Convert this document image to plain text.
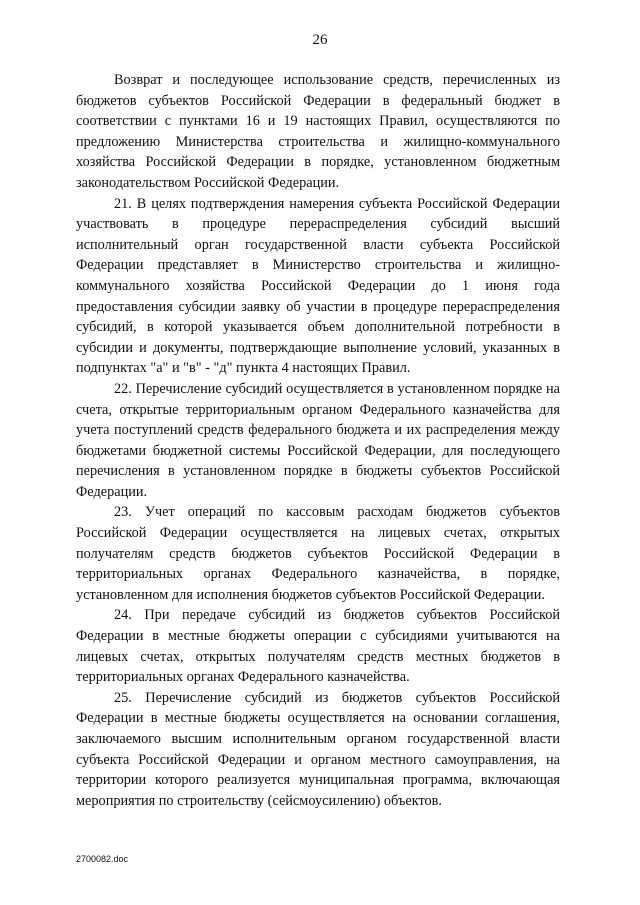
26

Возврат и последующее использование средств, перечисленных из бюджетов субъектов Российской Федерации в федеральный бюджет в соответствии с пунктами 16 и 19 настоящих Правил, осуществляются по предложению Министерства строительства и жилищно-коммунального хозяйства Российской Федерации в порядке, установленном бюджетным законодательством Российской Федерации.

21. В целях подтверждения намерения субъекта Российской Федерации участвовать в процедуре перераспределения субсидий высший исполнительный орган государственной власти субъекта Российской Федерации представляет в Министерство строительства и жилищно-коммунального хозяйства Российской Федерации до 1 июня года предоставления субсидии заявку об участии в процедуре перераспределения субсидий, в которой указывается объем дополнительной потребности в субсидии и документы, подтверждающие выполнение условий, указанных в подпунктах "а" и "в" - "д" пункта 4 настоящих Правил.

22. Перечисление субсидий осуществляется в установленном порядке на счета, открытые территориальным органом Федерального казначейства для учета поступлений средств федерального бюджета и их распределения между бюджетами бюджетной системы Российской Федерации, для последующего перечисления в установленном порядке в бюджеты субъектов Российской Федерации.

23. Учет операций по кассовым расходам бюджетов субъектов Российской Федерации осуществляется на лицевых счетах, открытых получателям средств бюджетов субъектов Российской Федерации в территориальных органах Федерального казначейства, в порядке, установленном для исполнения бюджетов субъектов Российской Федерации.

24. При передаче субсидий из бюджетов субъектов Российской Федерации в местные бюджеты операции с субсидиями учитываются на лицевых счетах, открытых получателям средств местных бюджетов в территориальных органах Федерального казначейства.

25. Перечисление субсидий из бюджетов субъектов Российской Федерации в местные бюджеты осуществляется на основании соглашения, заключаемого высшим исполнительным органом государственной власти субъекта Российской Федерации и органом местного самоуправления, на территории которого реализуется муниципальная программа, включающая мероприятия по строительству (сейсмоусилению) объектов.

2700082.doc
